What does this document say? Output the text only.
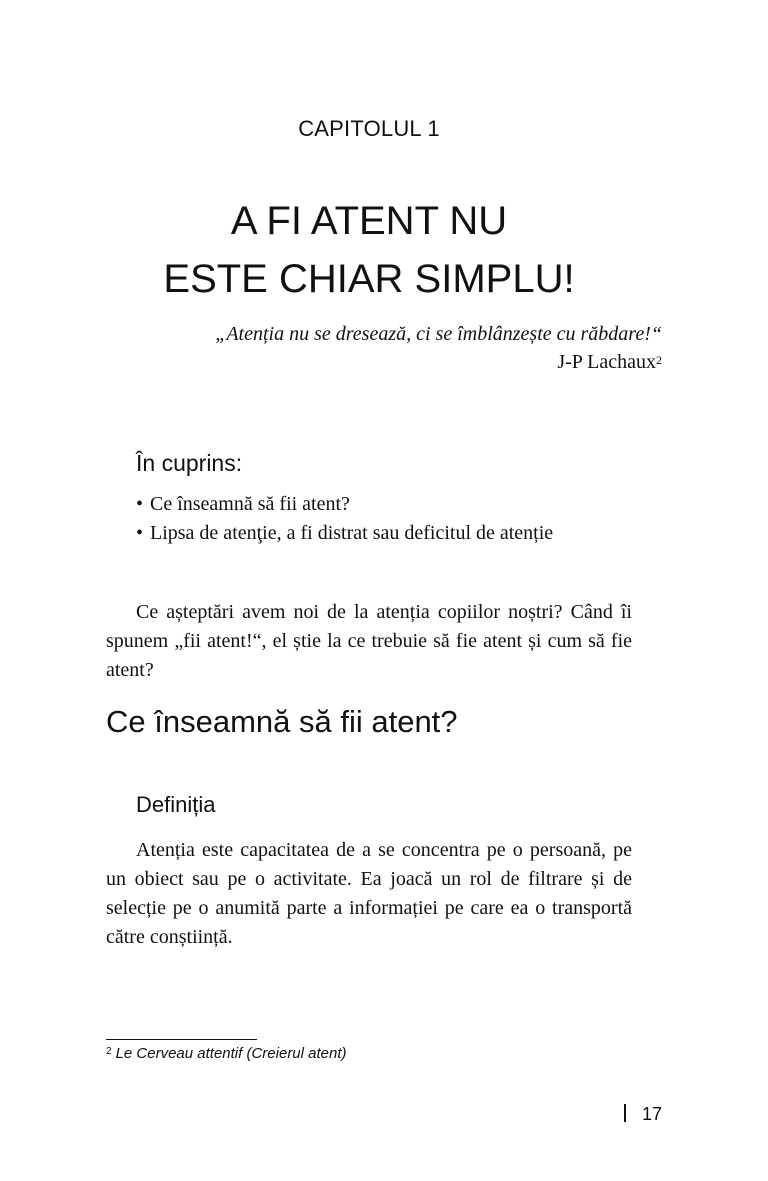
CAPITOLUL 1
A FI ATENT NU
ESTE CHIAR SIMPLU!
„Atenția nu se dresează, ci se îmblânzește cu răbdare!“
J-P Lachaux$^2$
În cuprins:
• Ce înseamnă să fii atent?
• Lipsa de atenţie, a fi distrat sau deficitul de atenție

Ce așteptări avem noi de la atenția copiilor noștri? Când îi spunem „fii atent!“, el știe la ce trebuie să fie atent și cum să fie atent?

Ce înseamnă să fii atent?
Definiția

Atenția este capacitatea de a se concentra pe o persoană, pe un obiect sau pe o activitate. Ea joacă un rol de filtrare și de selecție pe o anumită parte a informației pe care ea o transportă către conștiință.

$^2$ Le Cerveau attentif (Creierul atent)
17
